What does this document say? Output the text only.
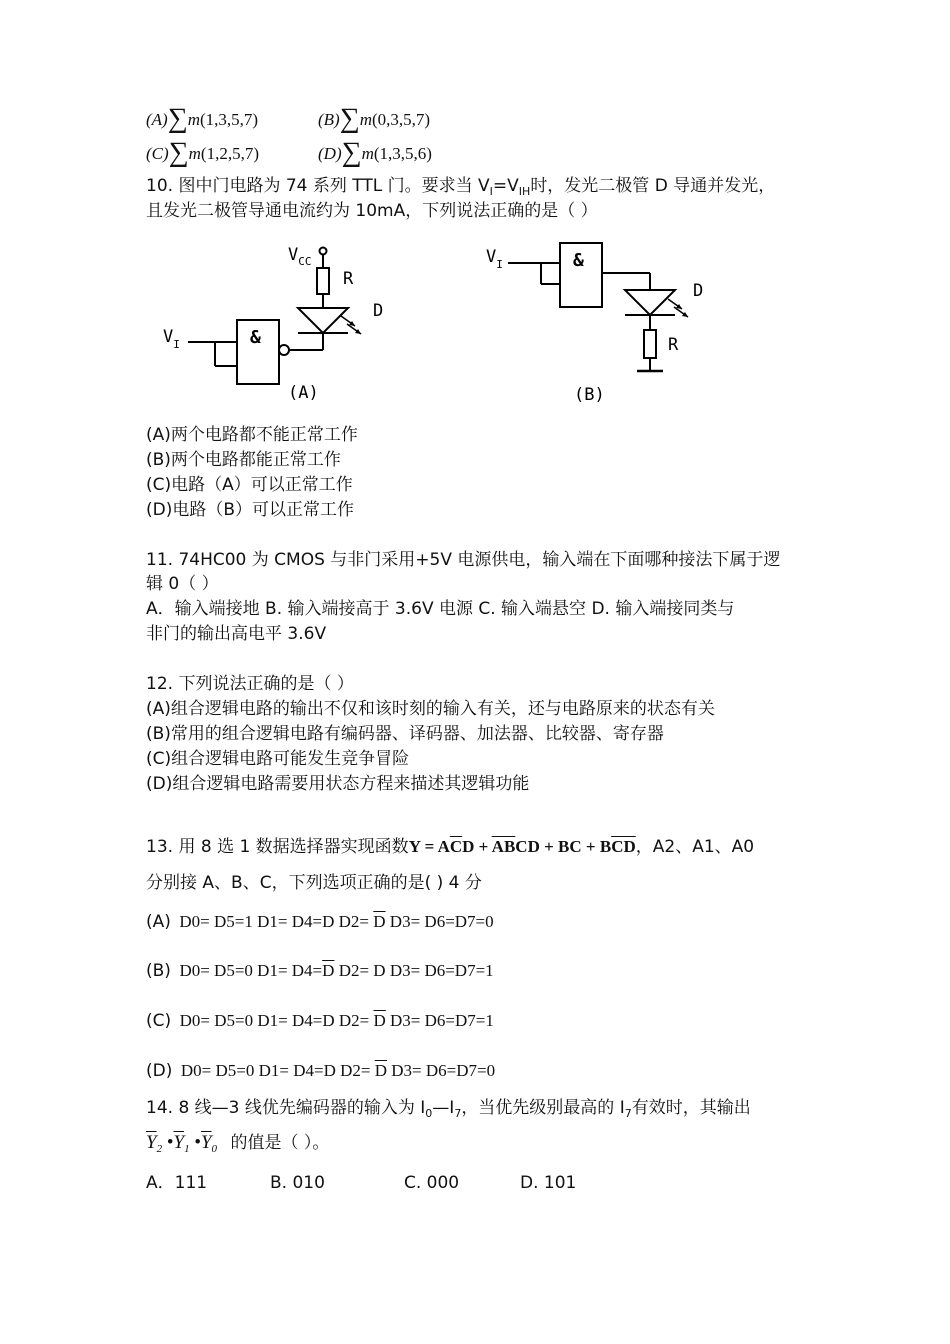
(A)∑m(1,3,5,7)	(B)∑m(0,3,5,7)
(C)∑m(1,2,5,7)	(D)∑m(1,3,5,6)
10. 图中门电路为 74 系列 TTL 门。要求当 $V_I=V_{IH}$时，发光二极管 D 导通并发光，
且发光二极管导通电流约为 10mA，下列说法正确的是（ ）
$V_{CC}$
R
D
&
$V_I$
(A)
$V_I$	&
D
R
(B)
(A)两个电路都不能正常工作
(B)两个电路都能正常工作
(C)电路（A）可以正常工作
(D)电路（B）可以正常工作
11. 74HC00 为 CMOS 与非门采用+5V 电源供电，输入端在下面哪种接法下属于逻
辑 0（ ）
A．输入端接地 B. 输入端接高于 3.6V 电源 C. 输入端悬空 D. 输入端接同类与
非门的输出高电平 3.6V
12. 下列说法正确的是（ ）
(A)组合逻辑电路的输出不仅和该时刻的输入有关，还与电路原来的状态有关
(B)常用的组合逻辑电路有编码器、译码器、加法器、比较器、寄存器
(C)组合逻辑电路可能发生竞争冒险
(D)组合逻辑电路需要用状态方程来描述其逻辑功能
13. 用 8 选 1 数据选择器实现函数$Y = A\overline{C}D + \overline{A}\overline{B}CD$ + BC + $B\overline{CD}$，A2、A1、A0
分别接 A、B、C，下列选项正确的是( ) 4 分
(A) D0= D5=1 D1= D4=D $D2= \overline{D}$ D3= D6=D7=0
(B) D0= D5=0 $D1= D4=\overline{D}$ D2= D D3= D6=D7=1
(C) D0= D5=0 D1= D4=D $D2= \overline{D}$ D3= D6=D7=1
(D) D0= D5=0 D1= D4=D $D2= \overline{D}$ D3= D6=D7=0
14. 8 线—3 线优先编码器的输入为 $I_0—I_7$，当优先级别最高的 $I_7$有效时，其输出
$\overline{Y}_2$ $•\overline{Y}_1$ $•\overline{Y}_0$ 的值是（ ）。
A．111	B. 010	C. 000	D. 101
